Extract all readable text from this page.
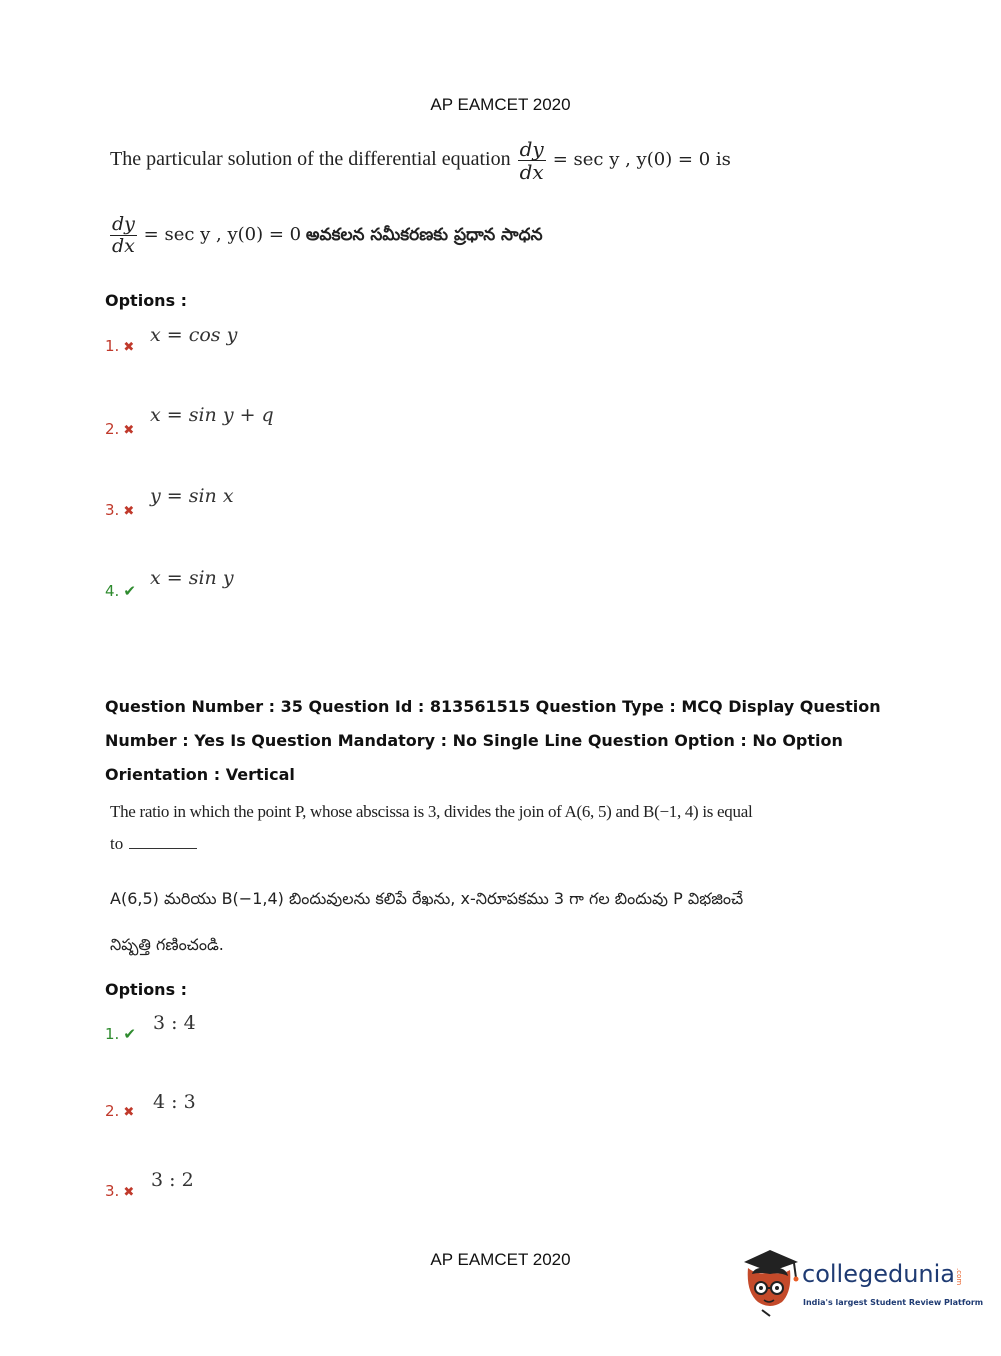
AP EAMCET 2020
The particular solution of the differential equation $\frac{dy}{dx} = \sec y$ , y(0) = 0 is
$\frac{dy}{dx} = \sec y$ , y(0) = 0 అవకలన సమీకరణకు ప్రధాన సాధన
Options :
1. ✖
x = cos y
2. ✖
x = sin y + q
3. ✖
y = sin x
4. ✔
x = sin y
Question Number : 35 Question Id : 813561515 Question Type : MCQ Display Question
Number : Yes Is Question Mandatory : No Single Line Question Option : No Option
Orientation : Vertical
The ratio in which the point P, whose abscissa is 3, divides the join of A(6, 5) and B(−1, 4) is equal
to
A(6,5) మరియు B(−1,4) బిందువులను కలిపే రేఖను, x-నిరూపకము 3 గా గల బిందువు P విభజించే
నిష్పత్తి గణించండి.
Options :
1. ✔ 3 : 4
2. ✖ 4 : 3
3. ✖
3 : 2
AP EAMCET 2020
collegedunia .com
India's largest Student Review Platform
